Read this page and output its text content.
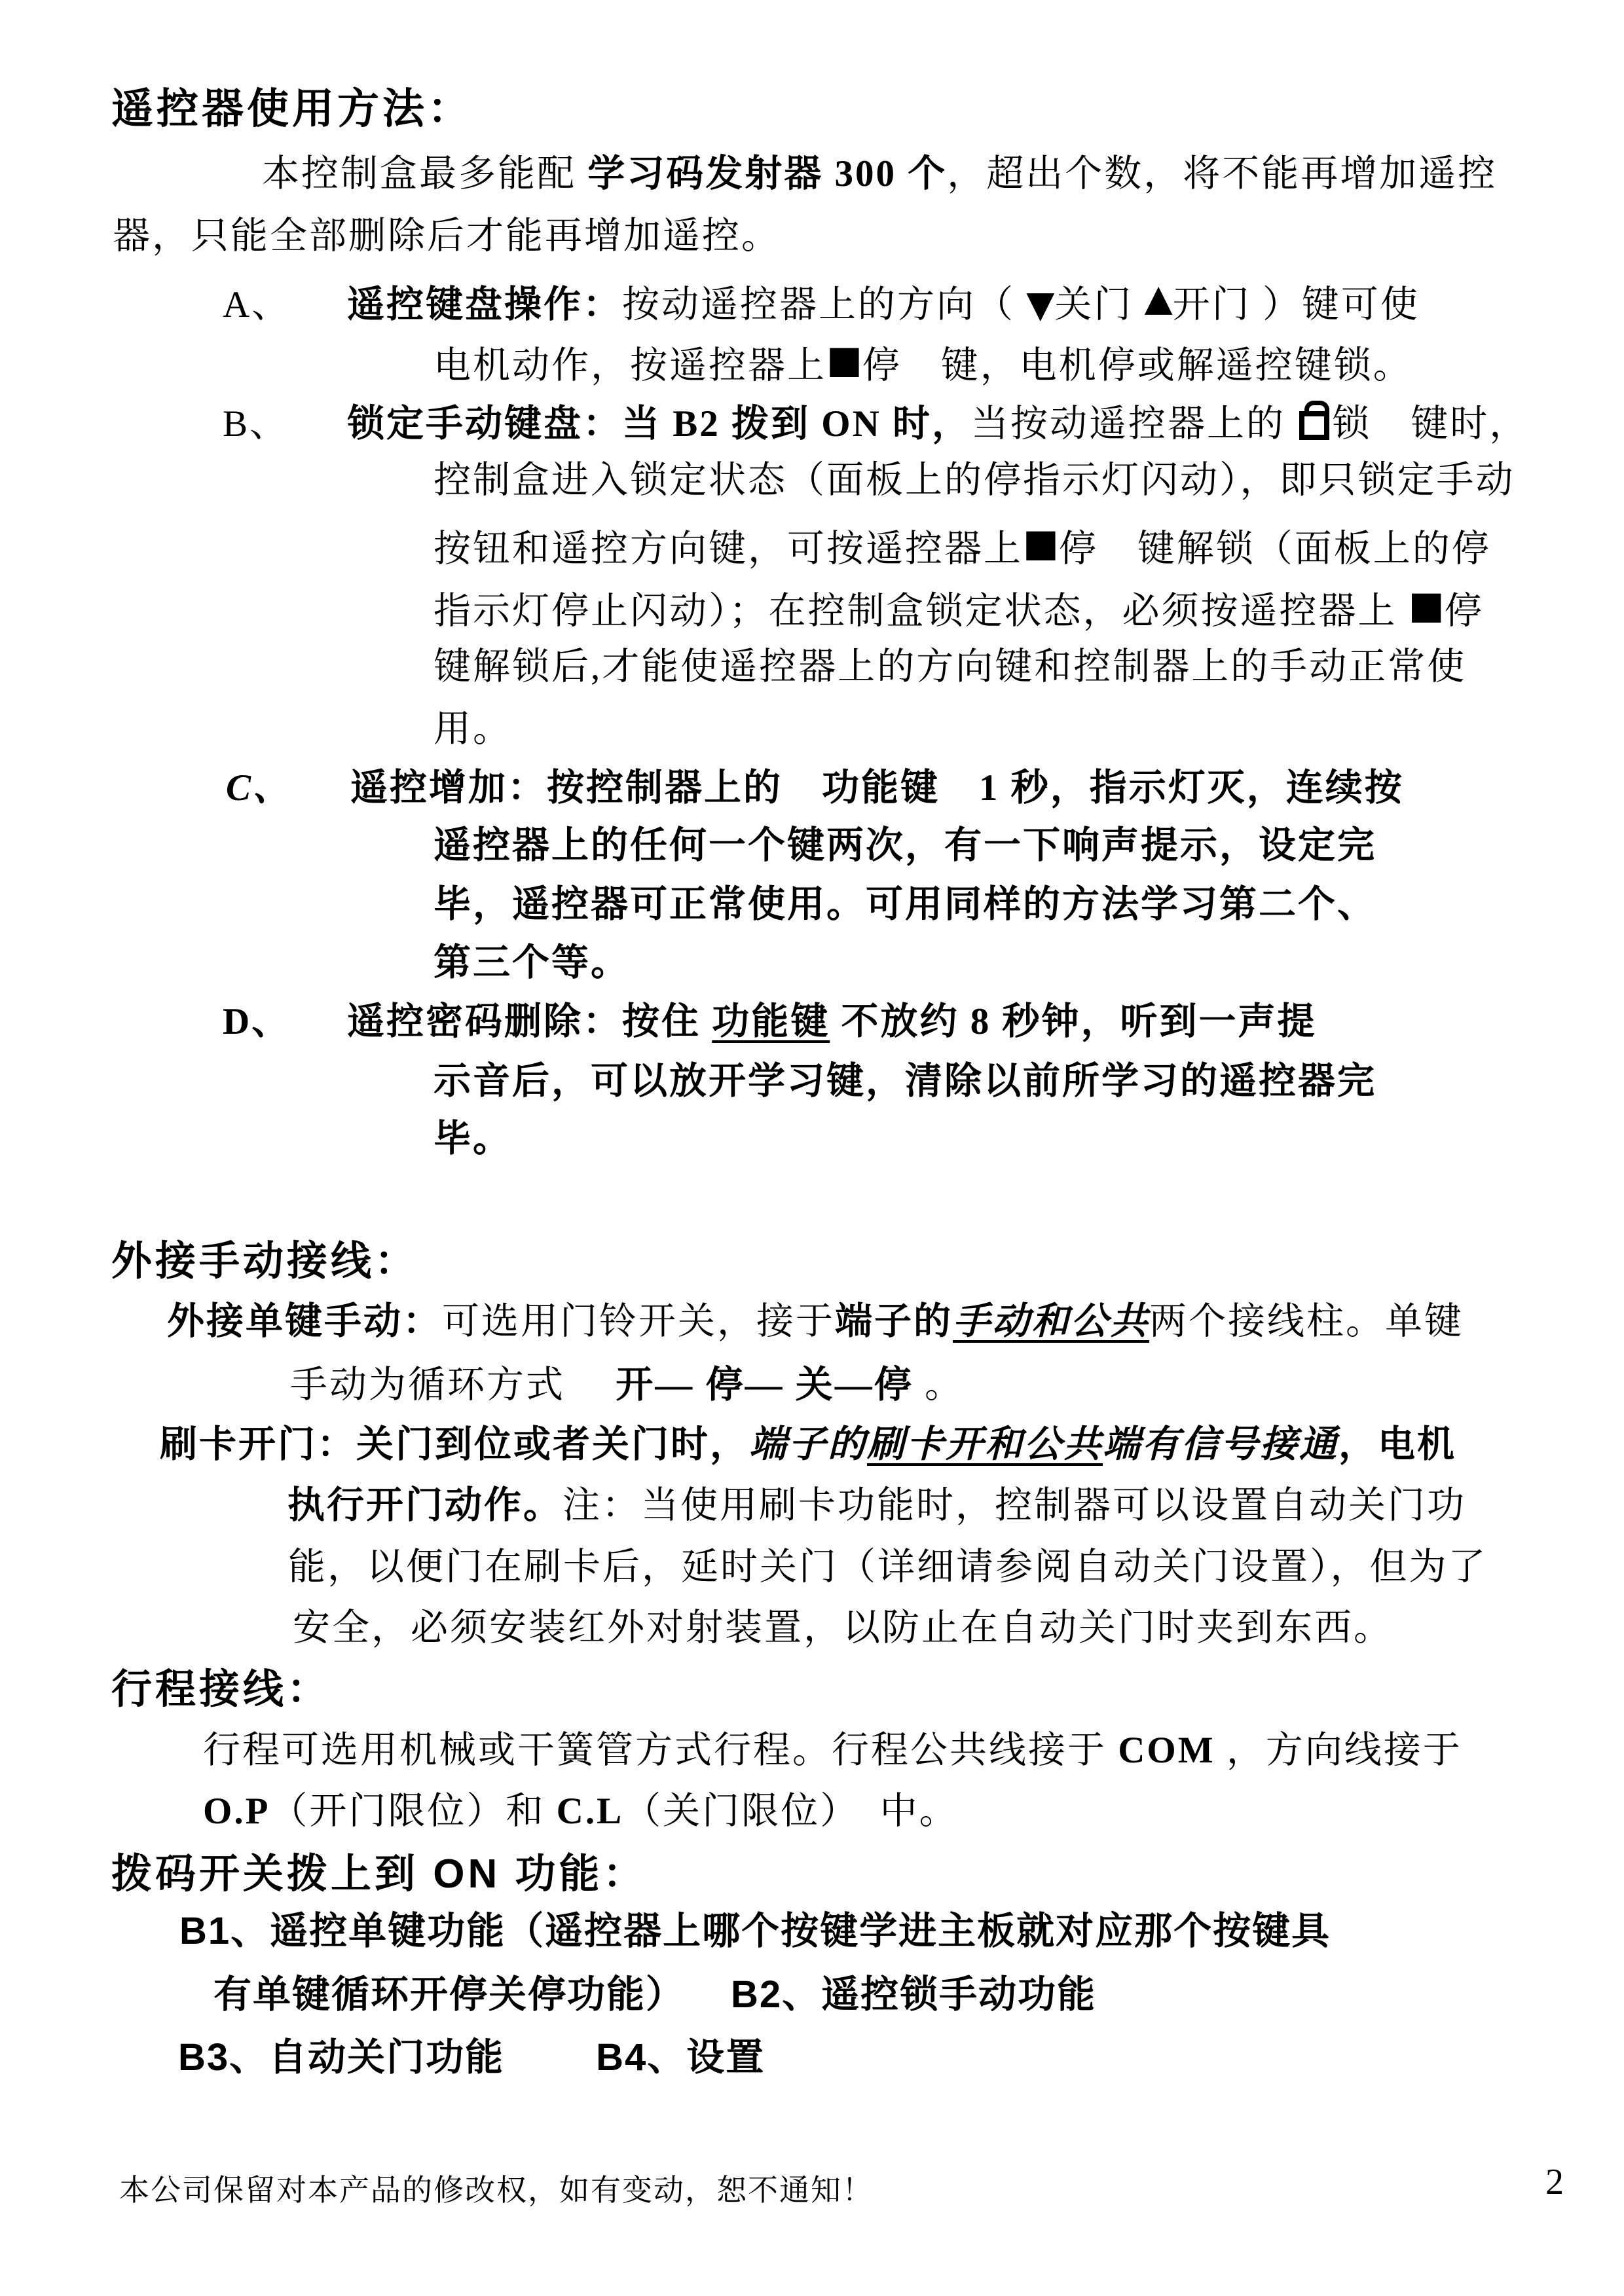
遥控器使用方法：
本控制盒最多能配 学习码发射器 300 个，超出个数，将不能再增加遥控
器，只能全部删除后才能再增加遥控。
A、 遥控键盘操作：按动遥控器上的方向（ ▼关门 ▲开门 ）键可使
电机动作，按遥控器上■停　键，电机停或解遥控键锁。
B、 锁定手动键盘：当 B2 拨到 ON 时，当按动遥控器上的
锁　键时，
控制盒进入锁定状态（面板上的停指示灯闪动），即只锁定手动
按钮和遥控方向键，可按遥控器上■停　键解锁（面板上的停
指示灯停止闪动）；在控制盒锁定状态，必须按遥控器上 ■停
键解锁后,才能使遥控器上的方向键和控制器上的手动正常使
用。
C、 遥控增加：按控制器上的　功能键　1 秒，指示灯灭，连续按
遥控器上的任何一个键两次，有一下响声提示，设定完
毕，遥控器可正常使用。可用同样的方法学习第二个、
第三个等。
D、 遥控密码删除：按住 功能键 不放约 8 秒钟，听到一声提
示音后，可以放开学习键，清除以前所学习的遥控器完
毕。
外接手动接线：
外接单键手动：可选用门铃开关，接于端子的手动和公共两个接线柱。单键
手动为循环方式　 开— 停— 关—停 。
刷卡开门：关门到位或者关门时，端子的刷卡开和公共端有信号接通，电机
执行开门动作。注：当使用刷卡功能时，控制器可以设置自动关门功
能，以便门在刷卡后，延时关门（详细请参阅自动关门设置），但为了
安全，必须安装红外对射装置，以防止在自动关门时夹到东西。
行程接线：
行程可选用机械或干簧管方式行程。行程公共线接于 COM ，方向线接于
O.P（开门限位）和 C.L（关门限位）　中。
拨码开关拨上到 ON 功能：
B1、遥控单键功能（遥控器上哪个按键学进主板就对应那个按键具
有单键循环开停关停功能） B2、遥控锁手动功能
B3、自动关门功能 B4、设置
本公司保留对本产品的修改权，如有变动，恕不通知！	2
